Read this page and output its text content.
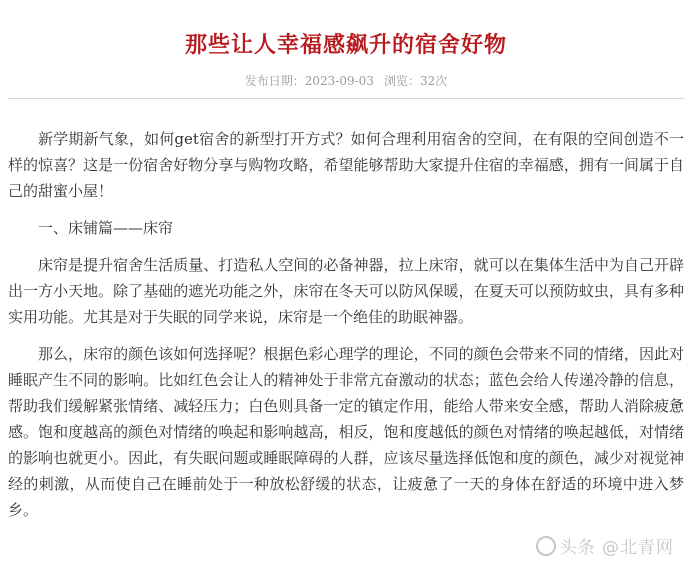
那些让人幸福感飙升的宿舍好物
发布日期：2023-09-03 浏览：32次

新学期新气象，如何get宿舍的新型打开方式？如何合理利用宿舍的空间，在有限的空间创造不一样的惊喜？这是一份宿舍好物分享与购物攻略，希望能够帮助大家提升住宿的幸福感，拥有一间属于自己的甜蜜小屋！

一、床铺篇——床帘

床帘是提升宿舍生活质量、打造私人空间的必备神器，拉上床帘，就可以在集体生活中为自己开辟出一方小天地。除了基础的遮光功能之外，床帘在冬天可以防风保暖，在夏天可以预防蚊虫，具有多种实用功能。尤其是对于失眠的同学来说，床帘是一个绝佳的助眠神器。

那么，床帘的颜色该如何选择呢？根据色彩心理学的理论，不同的颜色会带来不同的情绪，因此对睡眠产生不同的影响。比如红色会让人的精神处于非常亢奋激动的状态；蓝色会给人传递冷静的信息，帮助我们缓解紧张情绪、减轻压力；白色则具备一定的镇定作用，能给人带来安全感，帮助人消除疲惫感。饱和度越高的颜色对情绪的唤起和影响越高，相反，饱和度越低的颜色对情绪的唤起越低，对情绪的影响也就更小。因此，有失眠问题或睡眠障碍的人群，应该尽量选择低饱和度的颜色，减少对视觉神经的刺激，从而使自己在睡前处于一种放松舒缓的状态，让疲惫了一天的身体在舒适的环境中进入梦乡。

头条 @北青网
